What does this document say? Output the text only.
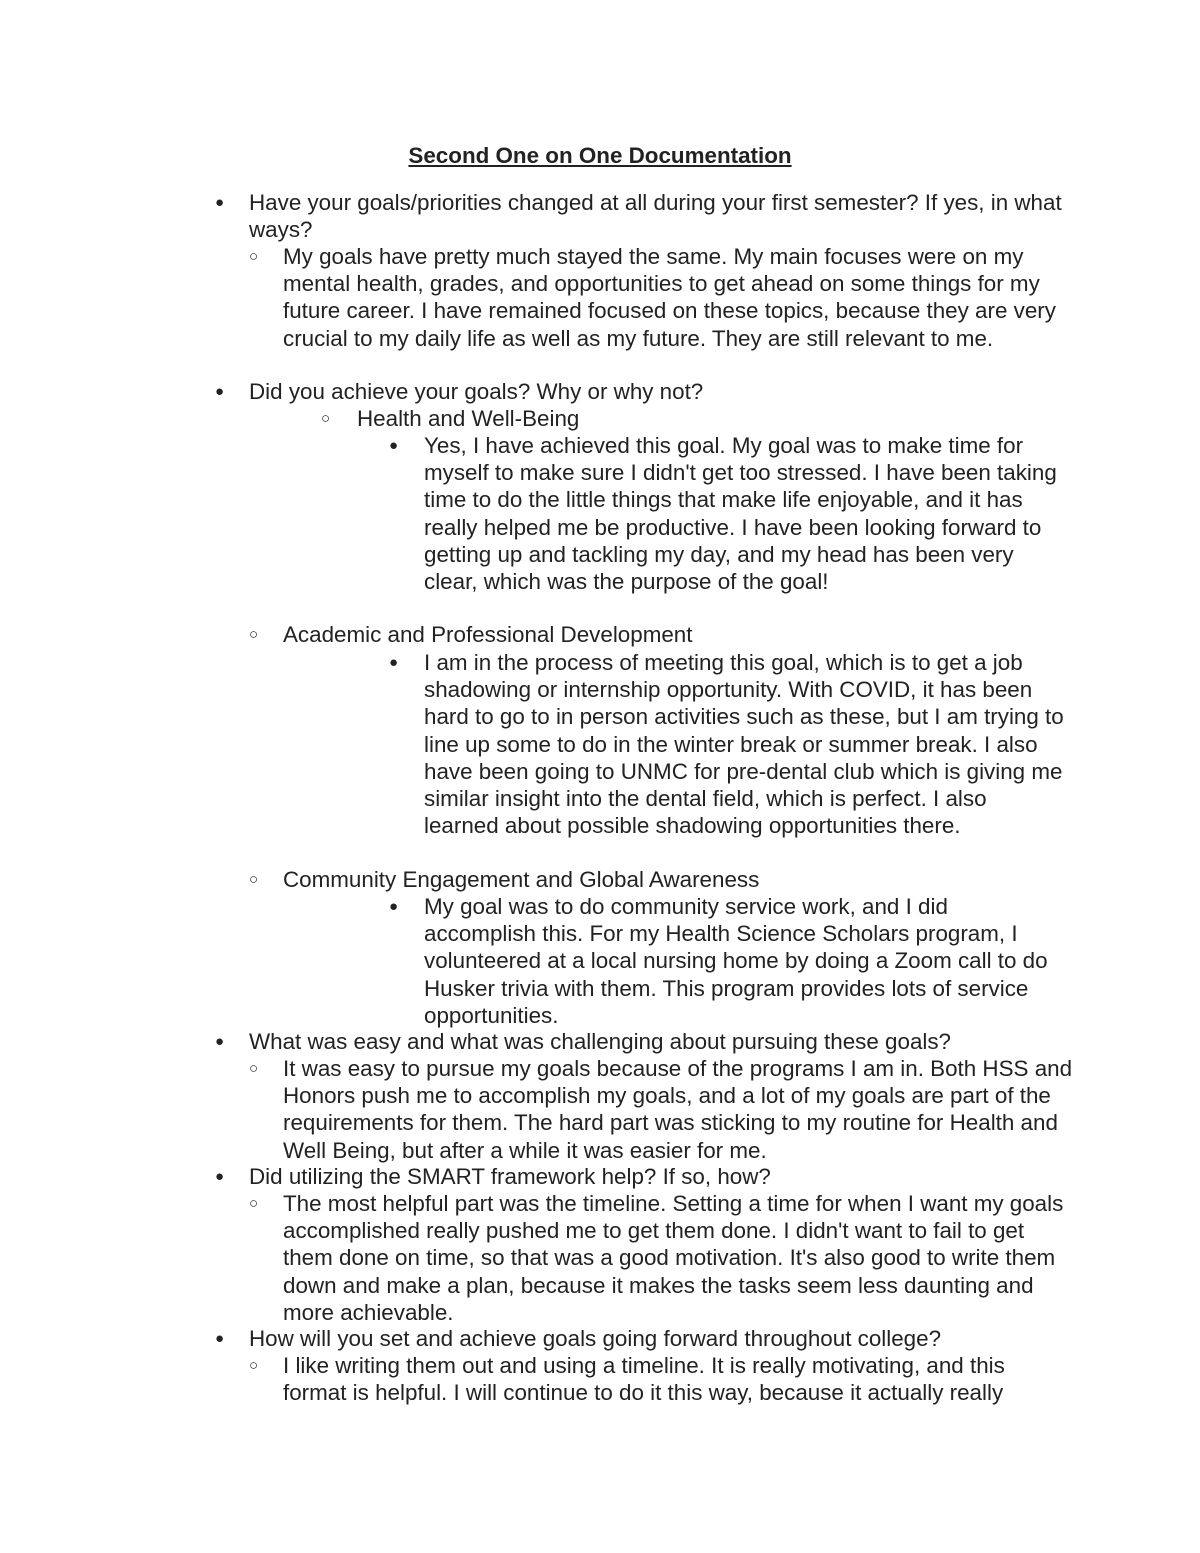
Second One on One Documentation
● Have your goals/priorities changed at all during your first semester? If yes, in what ways?
○ My goals have pretty much stayed the same. My main focuses were on my mental health, grades, and opportunities to get ahead on some things for my future career. I have remained focused on these topics, because they are very crucial to my daily life as well as my future. They are still relevant to me.
● Did you achieve your goals? Why or why not?
○ Health and Well-Being
● Yes, I have achieved this goal. My goal was to make time for myself to make sure I didn't get too stressed. I have been taking time to do the little things that make life enjoyable, and it has really helped me be productive. I have been looking forward to getting up and tackling my day, and my head has been very clear, which was the purpose of the goal!
○ Academic and Professional Development
● I am in the process of meeting this goal, which is to get a job shadowing or internship opportunity. With COVID, it has been hard to go to in person activities such as these, but I am trying to line up some to do in the winter break or summer break. I also have been going to UNMC for pre-dental club which is giving me similar insight into the dental field, which is perfect. I also learned about possible shadowing opportunities there.
○ Community Engagement and Global Awareness
● My goal was to do community service work, and I did accomplish this. For my Health Science Scholars program, I volunteered at a local nursing home by doing a Zoom call to do Husker trivia with them. This program provides lots of service opportunities.
● What was easy and what was challenging about pursuing these goals?
○ It was easy to pursue my goals because of the programs I am in. Both HSS and Honors push me to accomplish my goals, and a lot of my goals are part of the requirements for them. The hard part was sticking to my routine for Health and Well Being, but after a while it was easier for me.
● Did utilizing the SMART framework help? If so, how?
○ The most helpful part was the timeline. Setting a time for when I want my goals accomplished really pushed me to get them done. I didn't want to fail to get them done on time, so that was a good motivation. It's also good to write them down and make a plan, because it makes the tasks seem less daunting and more achievable.
● How will you set and achieve goals going forward throughout college?
○ I like writing them out and using a timeline. It is really motivating, and this format is helpful. I will continue to do it this way, because it actually really
